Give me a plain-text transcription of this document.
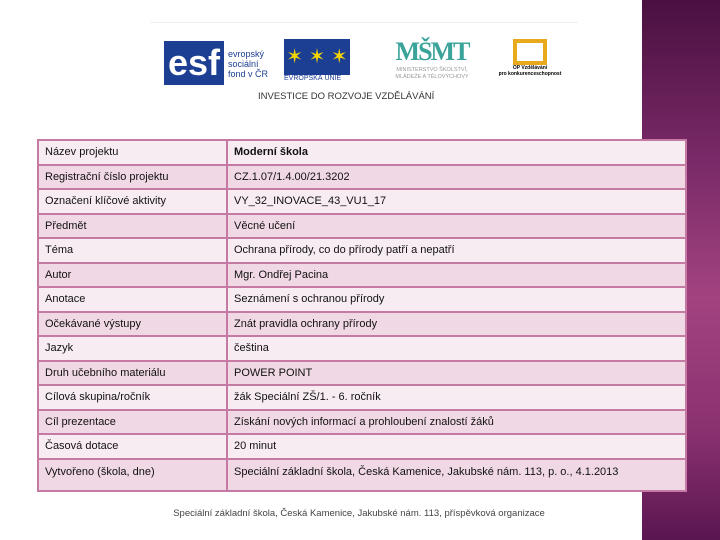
esf evropský
sociální
fond v ČR
✶ ✶ ✶
EVROPSKÁ UNIE
MŠMT
MINISTERSTVO ŠKOLSTVÍ,
MLÁDEŽE A TĚLOVÝCHOVY
OP Vzdělávání
pro konkurenceschopnost
INVESTICE DO ROZVOJE VZDĚLÁVÁNÍ
Název projektu	Moderní škola
Registrační číslo projektu	CZ.1.07/1.4.00/21.3202
Označení klíčové aktivity	VY_32_INOVACE_43_VU1_17
Předmět	Věcné učení
Téma	Ochrana přírody, co do přírody patří a nepatří
Autor	Mgr. Ondřej Pacina
Anotace	Seznámení s ochranou přírody
Očekávané výstupy	Znát pravidla ochrany přírody
Jazyk	čeština
Druh učebního materiálu	POWER POINT
Cílová skupina/ročník	žák Speciální ZŠ/1. - 6. ročník
Cíl prezentace	Získání nových informací a prohloubení znalostí žáků
Časová dotace	20 minut
Vytvořeno (škola, dne)	Speciální základní škola, Česká Kamenice, Jakubské nám. 113, p. o., 4.1.2013
Speciální základní škola, Česká Kamenice, Jakubské nám. 113, příspěvková organizace
